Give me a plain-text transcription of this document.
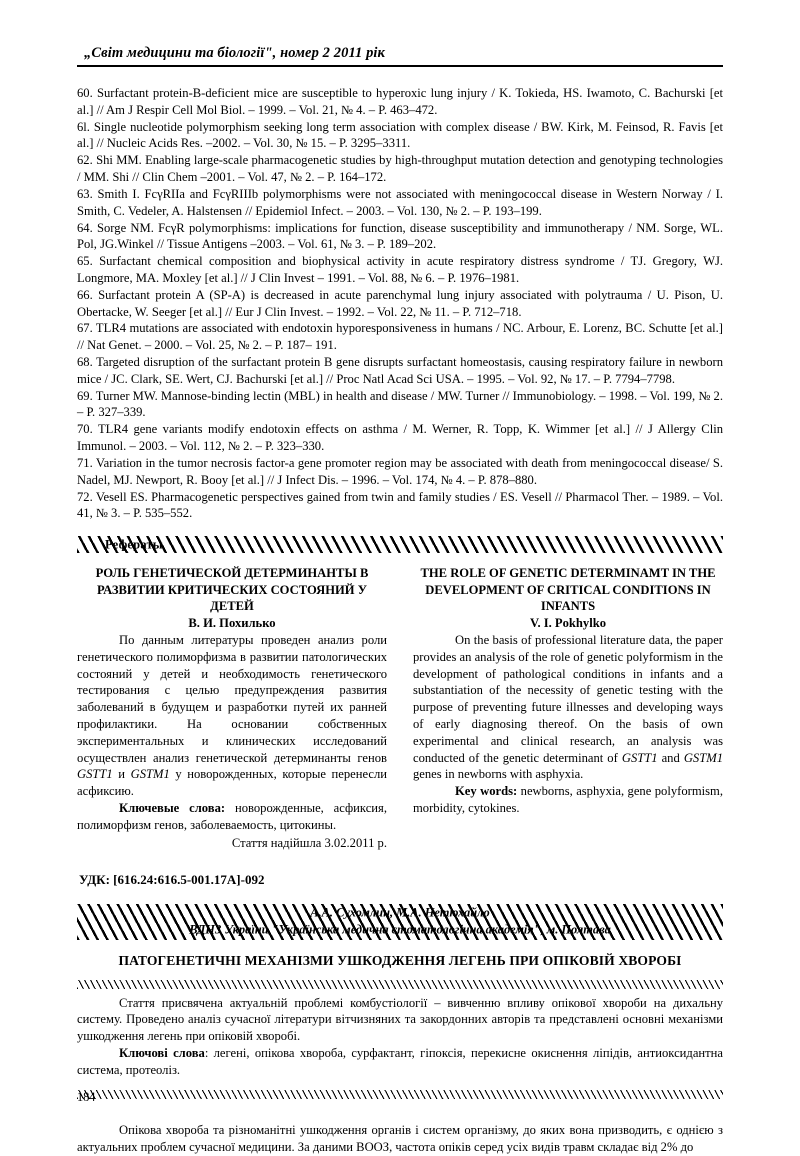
„Світ медицини та біології", номер 2 2011 рік
60. Surfactant protein-B-deficient mice are susceptible to hyperoxic lung injury / K. Tokieda, HS. Iwamoto, C. Bachurski [et al.] // Am J Respir Cell Mol Biol. – 1999. – Vol. 21, № 4. – P. 463–472.
6l. Single nucleotide polymorphism seeking long term association with complex disease / BW. Kirk, M. Feinsod, R. Favis [et al.] // Nucleic Acids Res. –2002. – Vol. 30, № 15. – P. 3295–3311.
62. Shi MM. Enabling large-scale pharmacogenetic studies by high-throughput mutation detection and genotyping technologies / MM. Shi // Clin Chem –2001. – Vol. 47, № 2. – P. 164–172.
63. Smith I. FcγRIIa and FcγRIIIb polymorphisms were not associated with meningococcal disease in Western Norway / I. Smith, C. Vedeler, A. Halstensen // Epidemiol Infect. – 2003. – Vol. 130, № 2. – P. 193–199.
64. Sorge NM. FcγR polymorphisms: implications for function, disease susceptibility and immunotherapy / NM. Sorge, WL. Pol, JG.Winkel // Tissue Antigens –2003. – Vol. 61, № 3. – P. 189–202.
65. Surfactant chemical composition and biophysical activity in acute respiratory distress syndrome / TJ. Gregory, WJ. Longmore, MA. Moxley [et al.] // J Clin Invest – 1991. – Vol. 88, № 6. – P. 1976–1981.
66. Surfactant protein A (SP-A) is decreased in acute parenchymal lung injury associated with polytrauma / U. Pison, U. Obertacke, W. Seeger [et al.] // Eur J Clin Invest. – 1992. – Vol. 22, № 11. – P. 712–718.
67. TLR4 mutations are associated with endotoxin hyporesponsiveness in humans / NC. Arbour, E. Lorenz, BC. Schutte [et al.] // Nat Genet. – 2000. – Vol. 25, № 2. – P. 187– 191.
68. Targeted disruption of the surfactant protein B gene disrupts surfactant homeostasis, causing respiratory failure in newborn mice / JC. Clark, SE. Wert, CJ. Bachurski [et al.] // Proc Natl Acad Sci USA. – 1995. – Vol. 92, № 17. – P. 7794–7798.
69. Turner MW. Mannose-binding lectin (MBL) in health and disease / MW. Turner // Immunobiology. – 1998. – Vol. 199, № 2. – P. 327–339.
70. TLR4 gene variants modify endotoxin effects on asthma / M. Werner, R. Topp, K. Wimmer [et al.] // J Allergy Clin Immunol. – 2003. – Vol. 112, № 2. – P. 323–330.
71. Variation in the tumor necrosis factor-a gene promoter region may be associated with death from meningococcal disease/ S. Nadel, MJ. Newport, R. Booy [et al.] // J Infect Dis. – 1996. – Vol. 174, № 4. – P. 878–880.
72. Vesell ES. Pharmacogenetic perspectives gained from twin and family studies / ES. Vesell // Pharmacol Ther. – 1989. – Vol. 41, № 3. – P. 535–552.
Рефераты
РОЛЬ ГЕНЕТИЧЕСКОЙ ДЕТЕРМИНАНТЫ В РАЗВИТИИ КРИТИЧЕСКИХ СОСТОЯНИЙ У ДЕТЕЙ
В. И. Похилько
По данным литературы проведен анализ роли генетического полиморфизма в развитии патологических состояний у детей и необходимость генетического тестирования с целью предупреждения развития заболеваний в будущем и разработки путей их ранней профилактики. На основании собственных экспериментальных и клинических исследований осуществлен анализ генетической детерминанты генов GSTT1 и GSTM1 у новорожденных, которые перенесли асфиксию.
Ключевые слова: новорожденные, асфиксия, полиморфизм генов, заболеваемость, цитокины.
Стаття надійшла 3.02.2011 р.
THE ROLE OF GENETIC DETERMINAMT IN THE DEVELOPMENT OF CRITICAL CONDITIONS IN INFANTS
V. I. Pokhylko
On the basis of professional literature data, the paper provides an analysis of the role of genetic polyformism in the development of pathological conditions in infants and a substantiation of the necessity of genetic testing with the purpose of preventing future illnesses and developing ways of early diagnosing thereof. On the basis of own experimental and clinical research, an analysis was conducted of the genetic determinant of GSTT1 and GSTM1 genes in newborns with asphyxia.
Key words: newborns, asphyxia, gene polyformism, morbidity, cytokines.
УДК: [616.24:616.5-001.17А]-092
А.А. Сухомлин, М.А. Нетюхайло
ВДНЗ України "Українська медична стоматологічна академія", м. Полтава
ПАТОГЕНЕТИЧНІ МЕХАНІЗМИ УШКОДЖЕННЯ ЛЕГЕНЬ ПРИ ОПІКОВІЙ ХВОРОБІ
Стаття присвячена актуальній проблемі комбустіології – вивченню впливу опікової хвороби на дихальну систему. Проведено аналіз сучасної літератури вітчизняних та закордонних авторів та представлені основні механізми ушкодження легень при опіковій хворобі.
Ключові слова: легені, опікова хвороба, сурфактант, гіпоксія, перекисне окиснення ліпідів, антиоксидантна система, протеоліз.
Опікова хвороба та різноманітні ушкодження органів і систем організму, до яких вона призводить, є однією з актуальних проблем сучасної медицини. За даними ВООЗ, частота опіків серед усіх видів травм складає від 2% до
184
